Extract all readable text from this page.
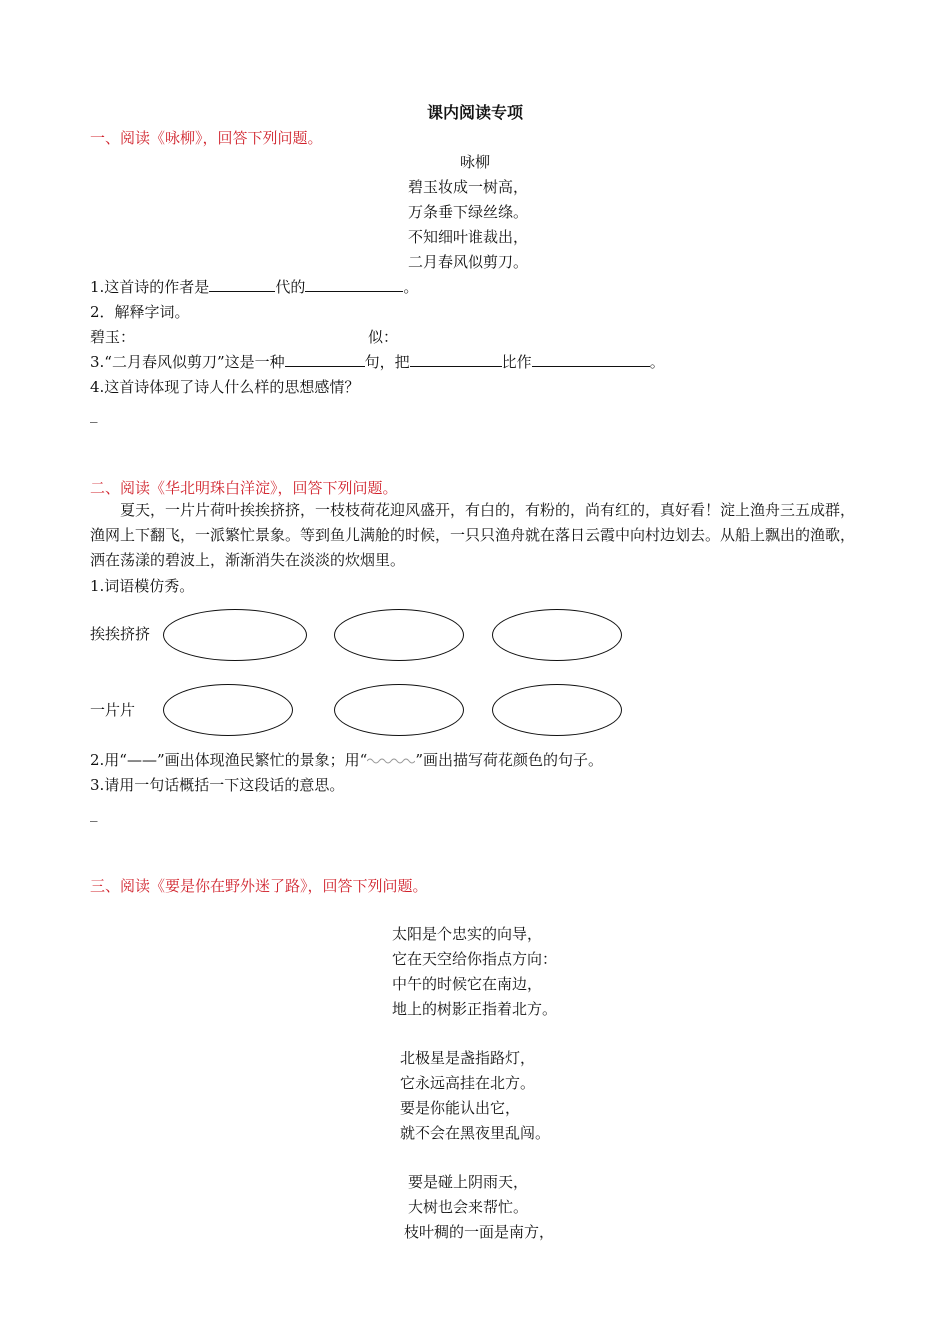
课内阅读专项
一、阅读《咏柳》，回答下列问题。
咏柳
碧玉妆成一树高，
万条垂下绿丝绦。
不知细叶谁裁出，
二月春风似剪刀。
1.这首诗的作者是	代的	。
2．解释字词。
碧玉：	似：
3.“二月春风似剪刀”这是一种	句，把	比作	。
4.这首诗体现了诗人什么样的思想感情？
_
二、阅读《华北明珠白洋淀》，回答下列问题。
夏天，一片片荷叶挨挨挤挤，一枝枝荷花迎风盛开，有白的，有粉的，尚有红的，真好看！淀上渔舟三五成群，渔网上下翻飞，一派繁忙景象。等到鱼儿满舱的时候，一只只渔舟就在落日云霞中向村边划去。从船上飘出的渔歌，洒在荡漾的碧波上，渐渐消失在淡淡的炊烟里。
1.词语模仿秀。
挨挨挤挤
一片片
2.用“——”画出体现渔民繁忙的景象；用“	”画出描写荷花颜色的句子。
3.请用一句话概括一下这段话的意思。
_
三、阅读《要是你在野外迷了路》，回答下列问题。
太阳是个忠实的向导，
它在天空给你指点方向：
中午的时候它在南边，
地上的树影正指着北方。
北极星是盏指路灯，
它永远高挂在北方。
要是你能认出它，
就不会在黑夜里乱闯。
要是碰上阴雨天，
大树也会来帮忙。
枝叶稠的一面是南方，
